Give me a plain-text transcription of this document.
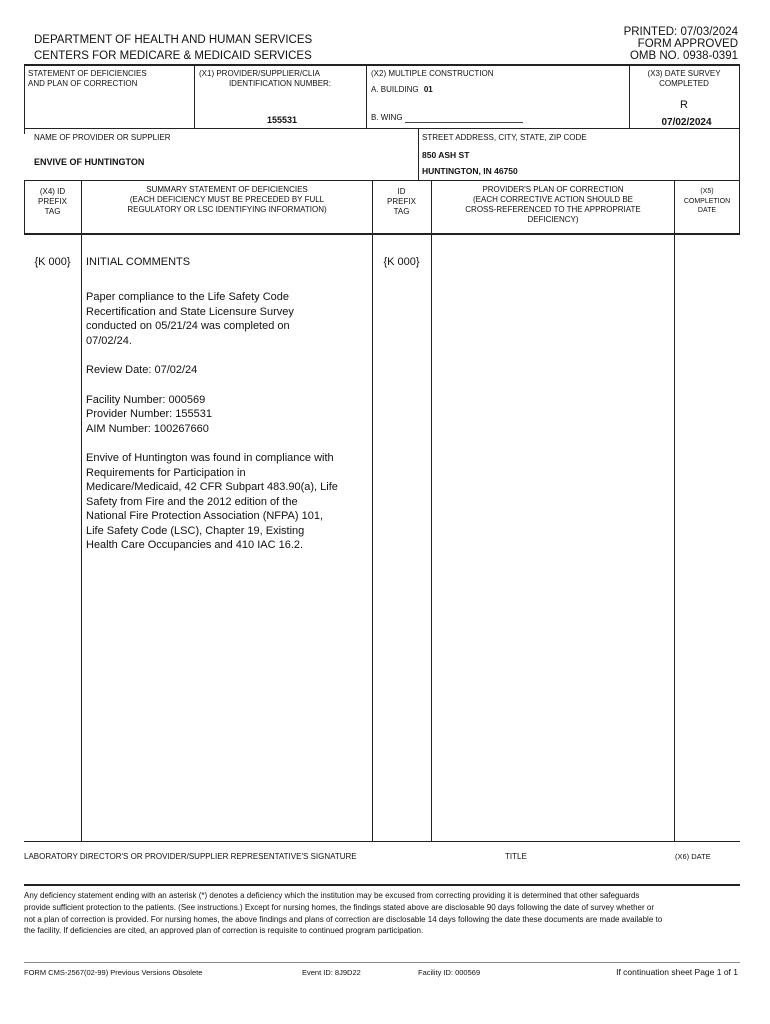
DEPARTMENT OF HEALTH AND HUMAN SERVICES
CENTERS FOR MEDICARE & MEDICAID SERVICES
PRINTED: 07/03/2024
FORM APPROVED
OMB NO. 0938-0391
STATEMENT OF DEFICIENCIES
AND PLAN OF CORRECTION
(X1) PROVIDER/SUPPLIER/CLIA
IDENTIFICATION NUMBER:
155531
(X2) MULTIPLE CONSTRUCTION
A. BUILDING 01
B. WING
(X3) DATE SURVEY
COMPLETED
R
07/02/2024
NAME OF PROVIDER OR SUPPLIER
ENVIVE OF HUNTINGTON
STREET ADDRESS, CITY, STATE, ZIP CODE
850 ASH ST
HUNTINGTON, IN 46750
(X4) ID
PREFIX
TAG
SUMMARY STATEMENT OF DEFICIENCIES
(EACH DEFICIENCY MUST BE PRECEDED BY FULL
REGULATORY OR LSC IDENTIFYING INFORMATION)
ID
PREFIX
TAG
PROVIDER'S PLAN OF CORRECTION
(EACH CORRECTIVE ACTION SHOULD BE
CROSS-REFERENCED TO THE APPROPRIATE
DEFICIENCY)
(X5)
COMPLETION
DATE
{K 000}	INITIAL COMMENTS	{K 000}

Paper compliance to the Life Safety Code Recertification and State Licensure Survey conducted on 05/21/24 was completed on 07/02/24.

Review Date: 07/02/24

Facility Number: 000569
Provider Number: 155531
AIM Number: 100267660

Envive of Huntington was found in compliance with Requirements for Participation in Medicare/Medicaid, 42 CFR Subpart 483.90(a), Life Safety from Fire and the 2012 edition of the National Fire Protection Association (NFPA) 101, Life Safety Code (LSC), Chapter 19, Existing Health Care Occupancies and 410 IAC 16.2.

LABORATORY DIRECTOR'S OR PROVIDER/SUPPLIER REPRESENTATIVE'S SIGNATURE	TITLE	(X6) DATE
Any deficiency statement ending with an asterisk (*) denotes a deficiency which the institution may be excused from correcting providing it is determined that other safeguards provide sufficient protection to the patients. (See instructions.) Except for nursing homes, the findings stated above are disclosable 90 days following the date of survey whether or not a plan of correction is provided. For nursing homes, the above findings and plans of correction are disclosable 14 days following the date these documents are made available to the facility. If deficiencies are cited, an approved plan of correction is requisite to continued program participation.
FORM CMS-2567(02-99) Previous Versions Obsolete	Event ID: 8J9D22	Facility ID: 000569	If continuation sheet Page 1 of 1
